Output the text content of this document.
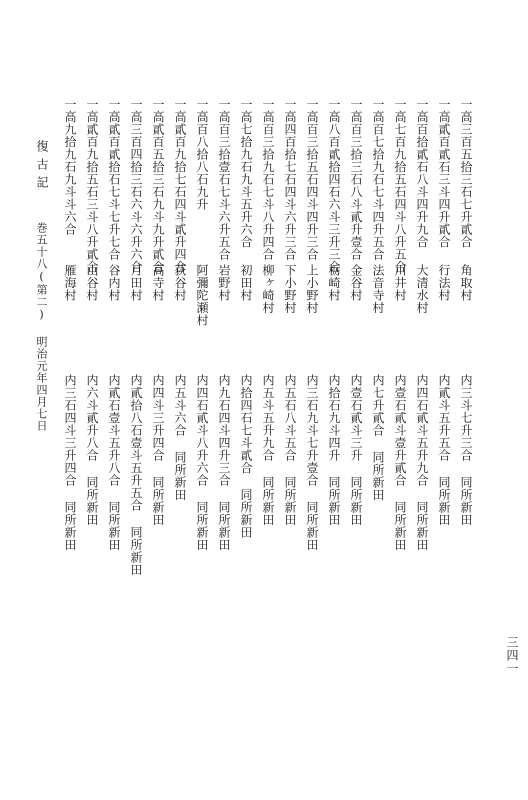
復古記
巻五十八(第二) 明治元年四月七日
一高三百五拾三石七升貳合
角取村
内三斗七升三合 同所新田
一高貳百貳石三斗四升貳合
行法村
内貳斗五升五合 同所新田
一高百拾貳石八斗四升九合
大清水村
内四石貳斗五升九合 同所新田
一高七百九拾五石四斗八升五合
川井村
内壹石貳斗壹升貳合 同所新田
一高百七拾九石七斗四升五合
法音寺村
内七升貳合 同所新田
一高百三拾三石八斗貳升壹合
金谷村
内壹石貳斗三升 同所新田
一高八百貳拾四石六斗三升三合
栃崎村
内拾石九斗四升 同所新田
一高百三拾五石四斗四升三合
上小野村
内三石九斗七升壹合 同所新田
一高四百拾七石四斗六升三合
下小野村
内五石八斗五合 同所新田
一高百三拾九石七斗八升四合
柳ヶ崎村
内五斗五升九合 同所新田
一高七拾九石九斗五升六合
初田村
内拾四石七斗貳合 同所新田
一高百三拾壹石七斗六升五合
岩野村
内九石四斗四升三合 同所新田
一高百八拾八石九升
阿彌陀瀬村
内四石貳斗八升六合 同所新田
一高貳百九拾七石四斗貳升四合
荻谷村
内五斗六合 同所新田
一高貳百五拾三石九斗九升貳合
高寺村
内四斗三升四合 同所新田
一高三百四拾三石六斗六升六合
月田村
内貳拾八石壹斗五升五合 同所新田
一高貳百貳拾石七斗七升七合
谷内村
内貳石壹斗五升八合 同所新田
一高貳百九拾五石三斗八升貳合
山谷村
内六斗貳升八合 同所新田
一高九拾九石九斗斗六合
雁海村
内三石四斗三升四合 同所新田
三四一
